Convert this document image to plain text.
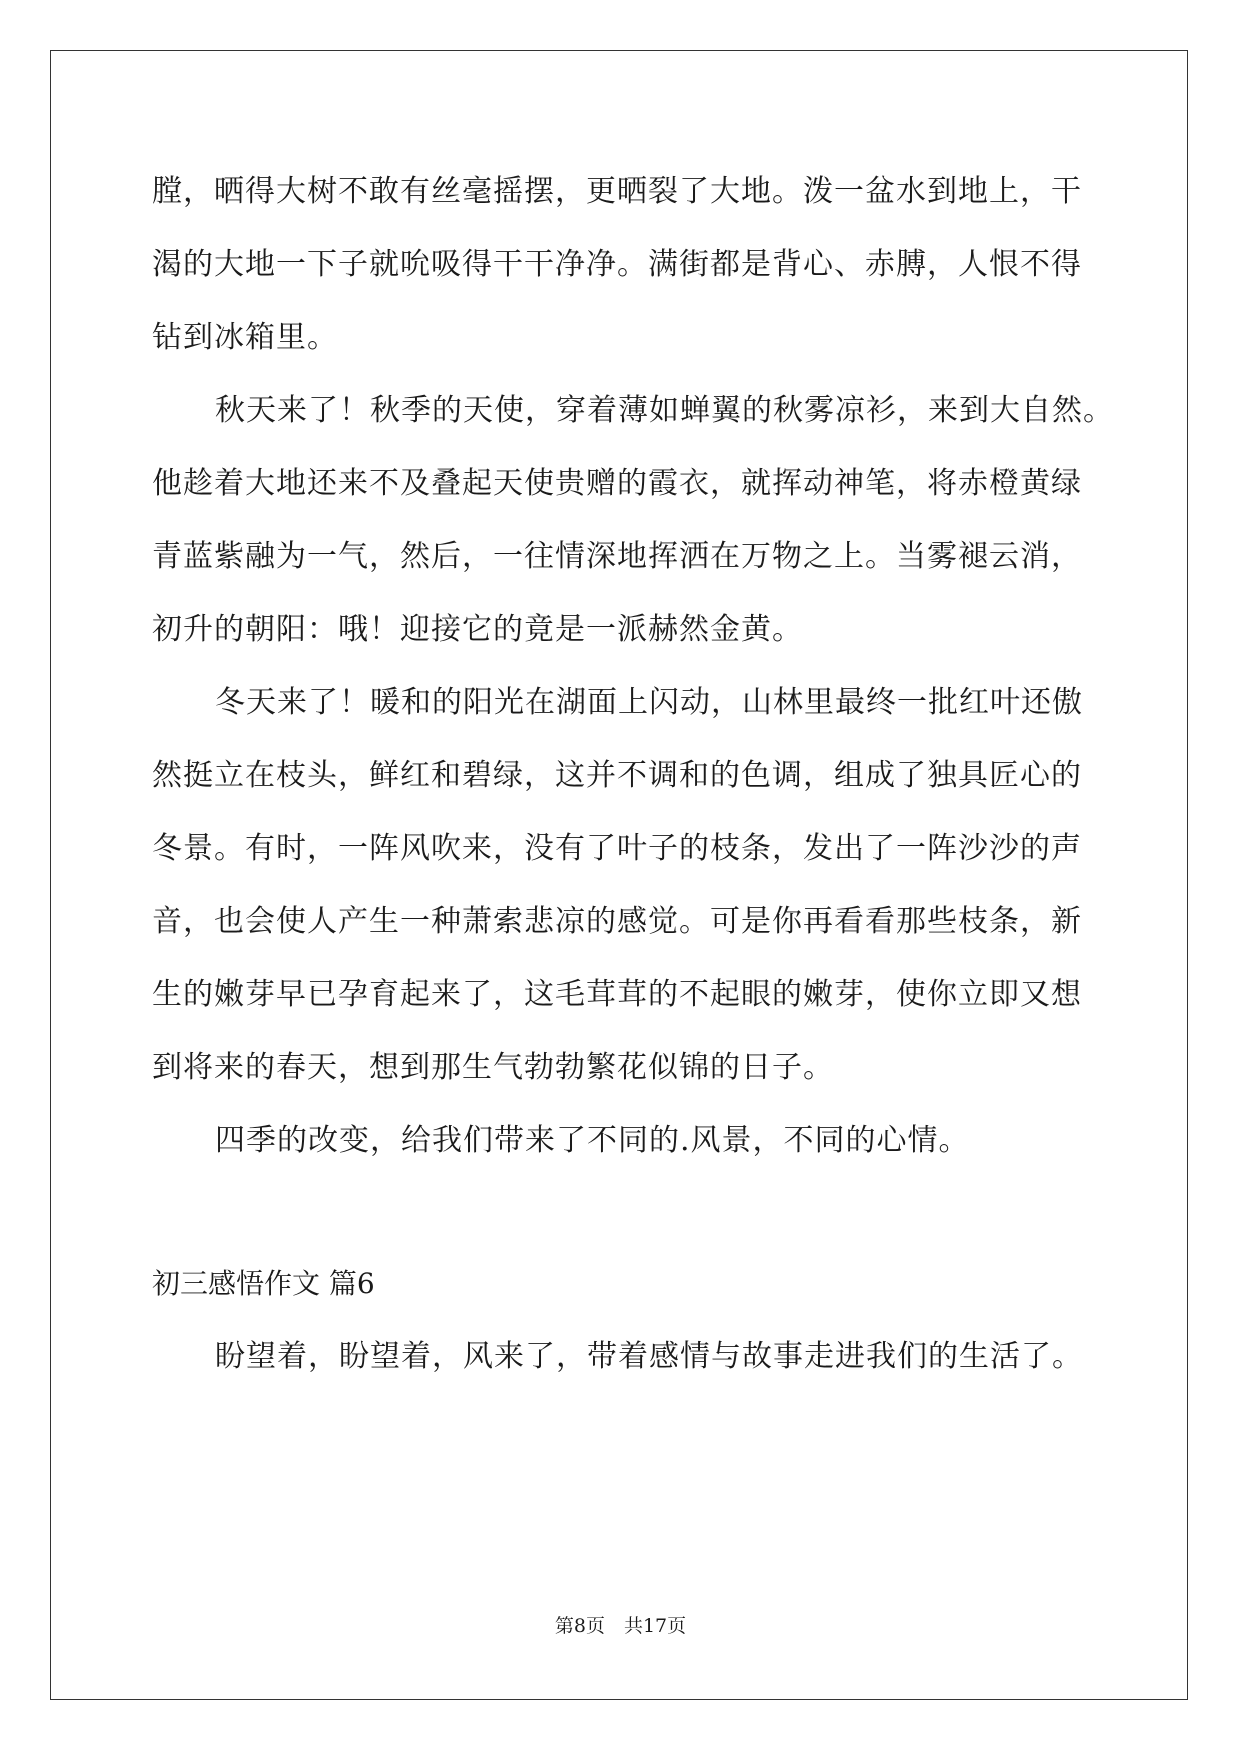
膛，晒得大树不敢有丝毫摇摆，更晒裂了大地。泼一盆水到地上，干
渴的大地一下子就吮吸得干干净净。满街都是背心、赤膊，人恨不得
钻到冰箱里。
秋天来了！秋季的天使，穿着薄如蝉翼的秋雾凉衫，来到大自然。
他趁着大地还来不及叠起天使贵赠的霞衣，就挥动神笔，将赤橙黄绿
青蓝紫融为一气，然后，一往情深地挥洒在万物之上。当雾褪云消，
初升的朝阳：哦！迎接它的竟是一派赫然金黄。
冬天来了！暖和的阳光在湖面上闪动，山林里最终一批红叶还傲
然挺立在枝头，鲜红和碧绿，这并不调和的色调，组成了独具匠心的
冬景。有时，一阵风吹来，没有了叶子的枝条，发出了一阵沙沙的声
音，也会使人产生一种萧索悲凉的感觉。可是你再看看那些枝条，新
生的嫩芽早已孕育起来了，这毛茸茸的不起眼的嫩芽，使你立即又想
到将来的春天，想到那生气勃勃繁花似锦的日子。
四季的改变，给我们带来了不同的.风景，不同的心情。
初三感悟作文 篇6
盼望着，盼望着，风来了，带着感情与故事走进我们的生活了。
第8页　共17页
